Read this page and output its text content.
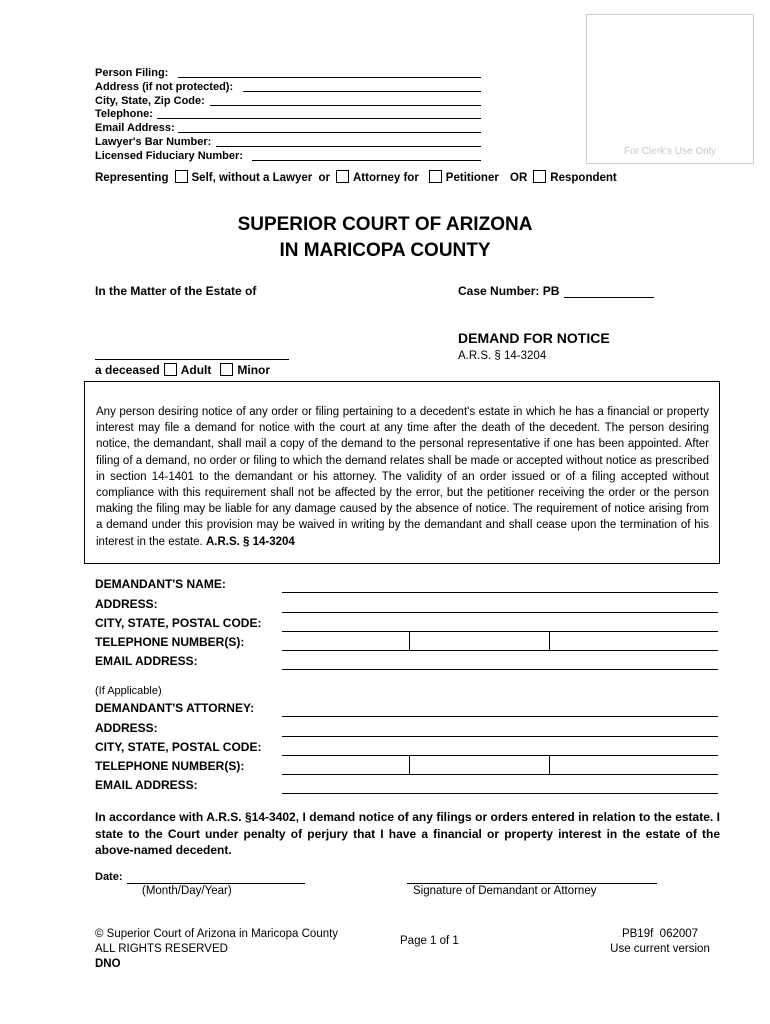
For Clerk's Use Only
Person Filing:
Address (if not protected):
City, State, Zip Code:
Telephone:
Email Address:
Lawyer's Bar Number:
Licensed Fiduciary Number:
Representing Self, without a Lawyer or Attorney for Petitioner OR Respondent
SUPERIOR COURT OF ARIZONA
IN MARICOPA COUNTY
In the Matter of the Estate of	Case Number: PB
DEMAND FOR NOTICE
A.R.S. § 14-3204
a deceased Adult Minor
Any person desiring notice of any order or filing pertaining to a decedent's estate in which he has a financial or property interest may file a demand for notice with the court at any time after the death of the decedent. The person desiring notice, the demandant, shall mail a copy of the demand to the personal representative if one has been appointed. After filing of a demand, no order or filing to which the demand relates shall be made or accepted without notice as prescribed in section 14-1401 to the demandant or his attorney. The validity of an order issued or of a filing accepted without compliance with this requirement shall not be affected by the error, but the petitioner receiving the order or the person making the filing may be liable for any damage caused by the absence of notice. The requirement of notice arising from a demand under this provision may be waived in writing by the demandant and shall cease upon the termination of his interest in the estate. A.R.S. § 14-3204
DEMANDANT'S NAME:
ADDRESS:
CITY, STATE, POSTAL CODE:
TELEPHONE NUMBER(S):
EMAIL ADDRESS:
(If Applicable)
DEMANDANT'S ATTORNEY:
ADDRESS:
CITY, STATE, POSTAL CODE:
TELEPHONE NUMBER(S):
EMAIL ADDRESS:
In accordance with A.R.S. §14-3402, I demand notice of any filings or orders entered in relation to the estate. I state to the Court under penalty of perjury that I have a financial or property interest in the estate of the above-named decedent.
Date:
(Month/Day/Year)	Signature of Demandant or Attorney
© Superior Court of Arizona in Maricopa County
ALL RIGHTS RESERVED
DNO
Page 1 of 1
PB19f  062007
Use current version
